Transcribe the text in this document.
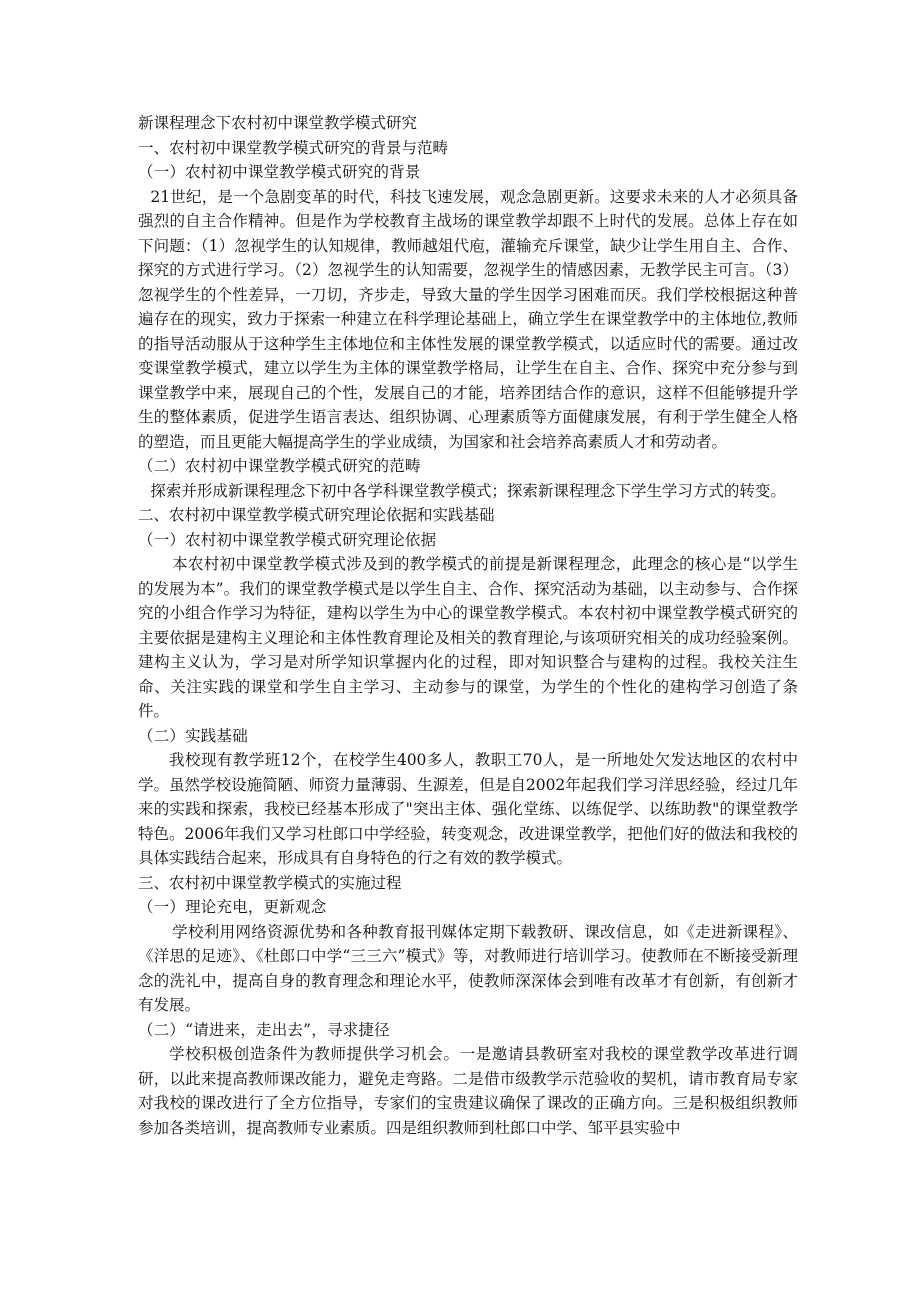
新课程理念下农村初中课堂教学模式研究
一、农村初中课堂教学模式研究的背景与范畴
（一）农村初中课堂教学模式研究的背景
21世纪，是一个急剧变革的时代，科技飞速发展，观念急剧更新。这要求未来的人才必须具备强烈的自主合作精神。但是作为学校教育主战场的课堂教学却跟不上时代的发展。总体上存在如下问题：（1）忽视学生的认知规律，教师越俎代庖，灌输充斥课堂，缺少让学生用自主、合作、探究的方式进行学习。（2）忽视学生的认知需要，忽视学生的情感因素，无教学民主可言。（3）忽视学生的个性差异，一刀切，齐步走，导致大量的学生因学习困难而厌。我们学校根据这种普遍存在的现实，致力于探索一种建立在科学理论基础上，确立学生在课堂教学中的主体地位,教师的指导活动服从于这种学生主体地位和主体性发展的课堂教学模式，以适应时代的需要。通过改变课堂教学模式，建立以学生为主体的课堂教学格局，让学生在自主、合作、探究中充分参与到课堂教学中来，展现自己的个性，发展自己的才能，培养团结合作的意识，这样不但能够提升学生的整体素质，促进学生语言表达、组织协调、心理素质等方面健康发展，有利于学生健全人格的塑造，而且更能大幅提高学生的学业成绩，为国家和社会培养高素质人才和劳动者。
（二）农村初中课堂教学模式研究的范畴
探索并形成新课程理念下初中各学科课堂教学模式；探索新课程理念下学生学习方式的转变。
二、农村初中课堂教学模式研究理论依据和实践基础
（一）农村初中课堂教学模式研究理论依据
本农村初中课堂教学模式涉及到的教学模式的前提是新课程理念，此理念的核心是“以学生的发展为本”。我们的课堂教学模式是以学生自主、合作、探究活动为基础，以主动参与、合作探究的小组合作学习为特征，建构以学生为中心的课堂教学模式。本农村初中课堂教学模式研究的主要依据是建构主义理论和主体性教育理论及相关的教育理论,与该项研究相关的成功经验案例。建构主义认为，学习是对所学知识掌握内化的过程，即对知识整合与建构的过程。我校关注生命、关注实践的课堂和学生自主学习、主动参与的课堂，为学生的个性化的建构学习创造了条件。
（二）实践基础
我校现有教学班12个，在校学生400多人，教职工70人，是一所地处欠发达地区的农村中学。虽然学校设施简陋、师资力量薄弱、生源差，但是自2002年起我们学习洋思经验，经过几年来的实践和探索，我校已经基本形成了"突出主体、强化堂练、以练促学、以练助教"的课堂教学特色。2006年我们又学习杜郎口中学经验，转变观念，改进课堂教学，把他们好的做法和我校的具体实践结合起来，形成具有自身特色的行之有效的教学模式。
三、农村初中课堂教学模式的实施过程
（一）理论充电，更新观念
学校利用网络资源优势和各种教育报刊媒体定期下载教研、课改信息，如《走进新课程》、《洋思的足迹》、《杜郎口中学“三三六”模式》等，对教师进行培训学习。使教师在不断接受新理念的洗礼中，提高自身的教育理念和理论水平，使教师深深体会到唯有改革才有创新，有创新才有发展。
（二）“请进来，走出去”，寻求捷径
学校积极创造条件为教师提供学习机会。一是邀请县教研室对我校的课堂教学改革进行调研，以此来提高教师课改能力，避免走弯路。二是借市级教学示范验收的契机，请市教育局专家对我校的课改进行了全方位指导，专家们的宝贵建议确保了课改的正确方向。三是积极组织教师参加各类培训，提高教师专业素质。四是组织教师到杜郎口中学、邹平县实验中
